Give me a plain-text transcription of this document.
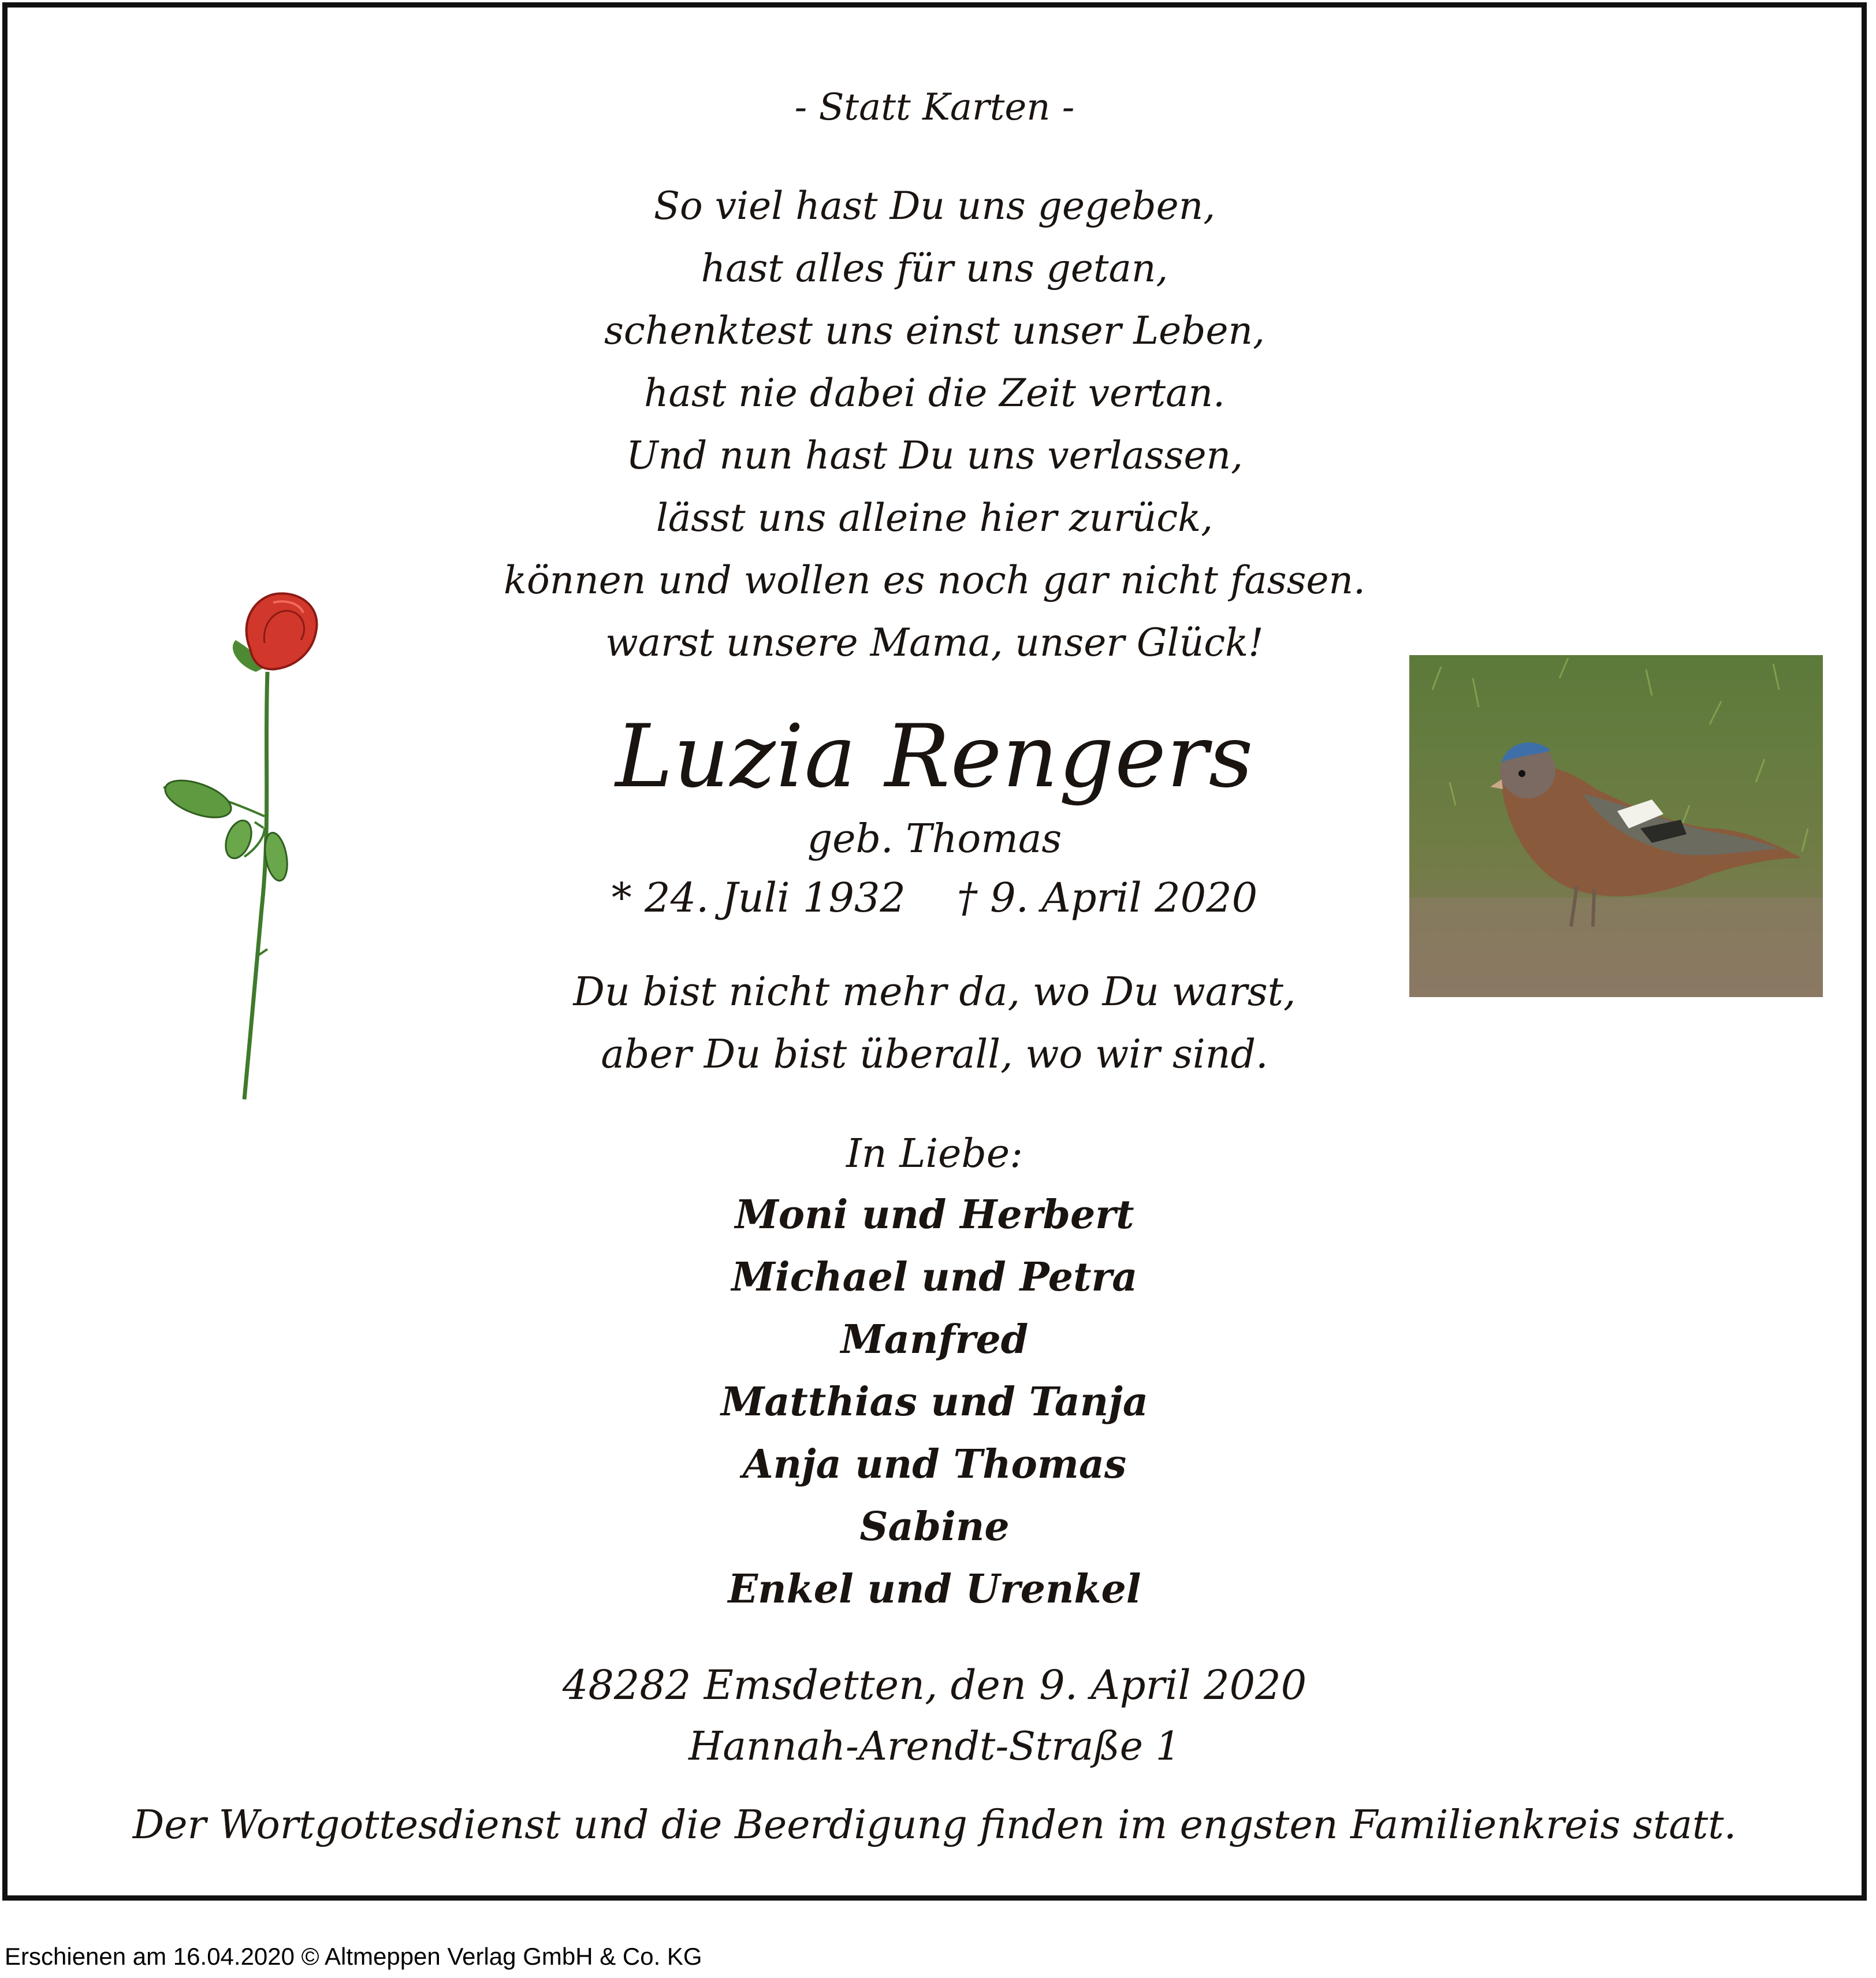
- Statt Karten -
So viel hast Du uns gegeben,
hast alles für uns getan,
schenktest uns einst unser Leben,
hast nie dabei die Zeit vertan.
Und nun hast Du uns verlassen,
lässt uns alleine hier zurück,
können und wollen es noch gar nicht fassen.
warst unsere Mama, unser Glück!
Luzia Rengers
geb. Thomas
* 24. Juli 1932    † 9. April 2020
Du bist nicht mehr da, wo Du warst,
aber Du bist überall, wo wir sind.
In Liebe:
Moni und Herbert
Michael und Petra
Manfred
Matthias und Tanja
Anja und Thomas
Sabine
Enkel und Urenkel
48282 Emsdetten, den 9. April 2020
Hannah-Arendt-Straße 1
Der Wortgottesdienst und die Beerdigung finden im engsten Familienkreis statt.
Erschienen am 16.04.2020 © Altmeppen Verlag GmbH & Co. KG
